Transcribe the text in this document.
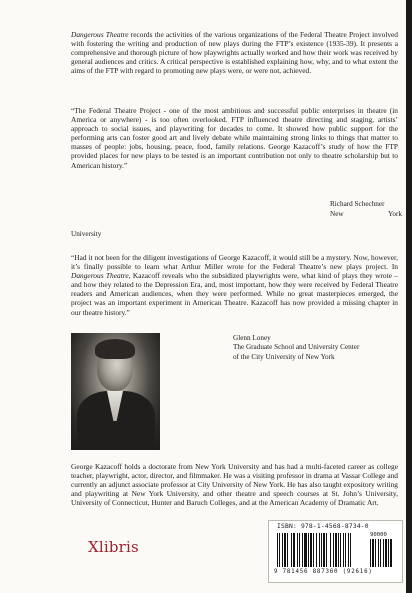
Dangerous Theatre records the activities of the various organizations of the Federal Theatre Project involved with fostering the writing and production of new plays during the FTP’s existence (1935-39). It presents a comprehensive and thorough picture of how playwrights actually worked and how their work was received by general audiences and critics. A critical perspective is established explaining how, why, and to what extent the aims of the FTP with regard to promoting new plays were, or were not, achieved.

“The Federal Theatre Project - one of the most ambitious and successful public enterprises in theatre (in America or anywhere) - is too often overlooked. FTP influenced theatre directing and staging, artists’ approach to social issues, and playwriting for decades to come. It showed how public support for the performing arts can foster good art and lively debate while maintaining strong links to things that matter to masses of people: jobs, housing, peace, food, family relations. George Kazacoff’s study of how the FTP provided places for new plays to be tested is an important contribution not only to theatre scholarship but to American history.”

Richard Schechner
New	York
University

“Had it not been for the diligent investigations of George Kazacoff, it would still be a mystery. Now, however, it’s finally possible to learn what Arthur Miller wrote for the Federal Theatre’s new plays project. In Dangerous Theatre, Kazacoff reveals who the subsidized playwrights were, what kind of plays they wrote – and how they related to the Depression Era, and, most important, how they were received by Federal Theatre readers and American audiences, when they were performed. While no great masterpieces emerged, the project was an important experiment in American Theatre. Kazacoff has now provided a missing chapter in our theatre history.”

Glenn Loney
The Graduate School and University Center
of the City University of New York

George Kazacoff holds a doctorate from New York University and has had a multi-faceted career as college teacher, playwright, actor, director, and filmmaker. He was a visiting professor in drama at Vassar College and currently an adjunct associate professor at City University of New York. He has also taught expository writing and playwriting at New York University, and other theatre and speech courses at St. John’s University, University of Connecticut, Hunter and Baruch Colleges, and at the American Academy of Dramatic Art.

Xlibris
ISBN: 978-1-4568-8734-0
90000
9 781456 887360 (92616)
